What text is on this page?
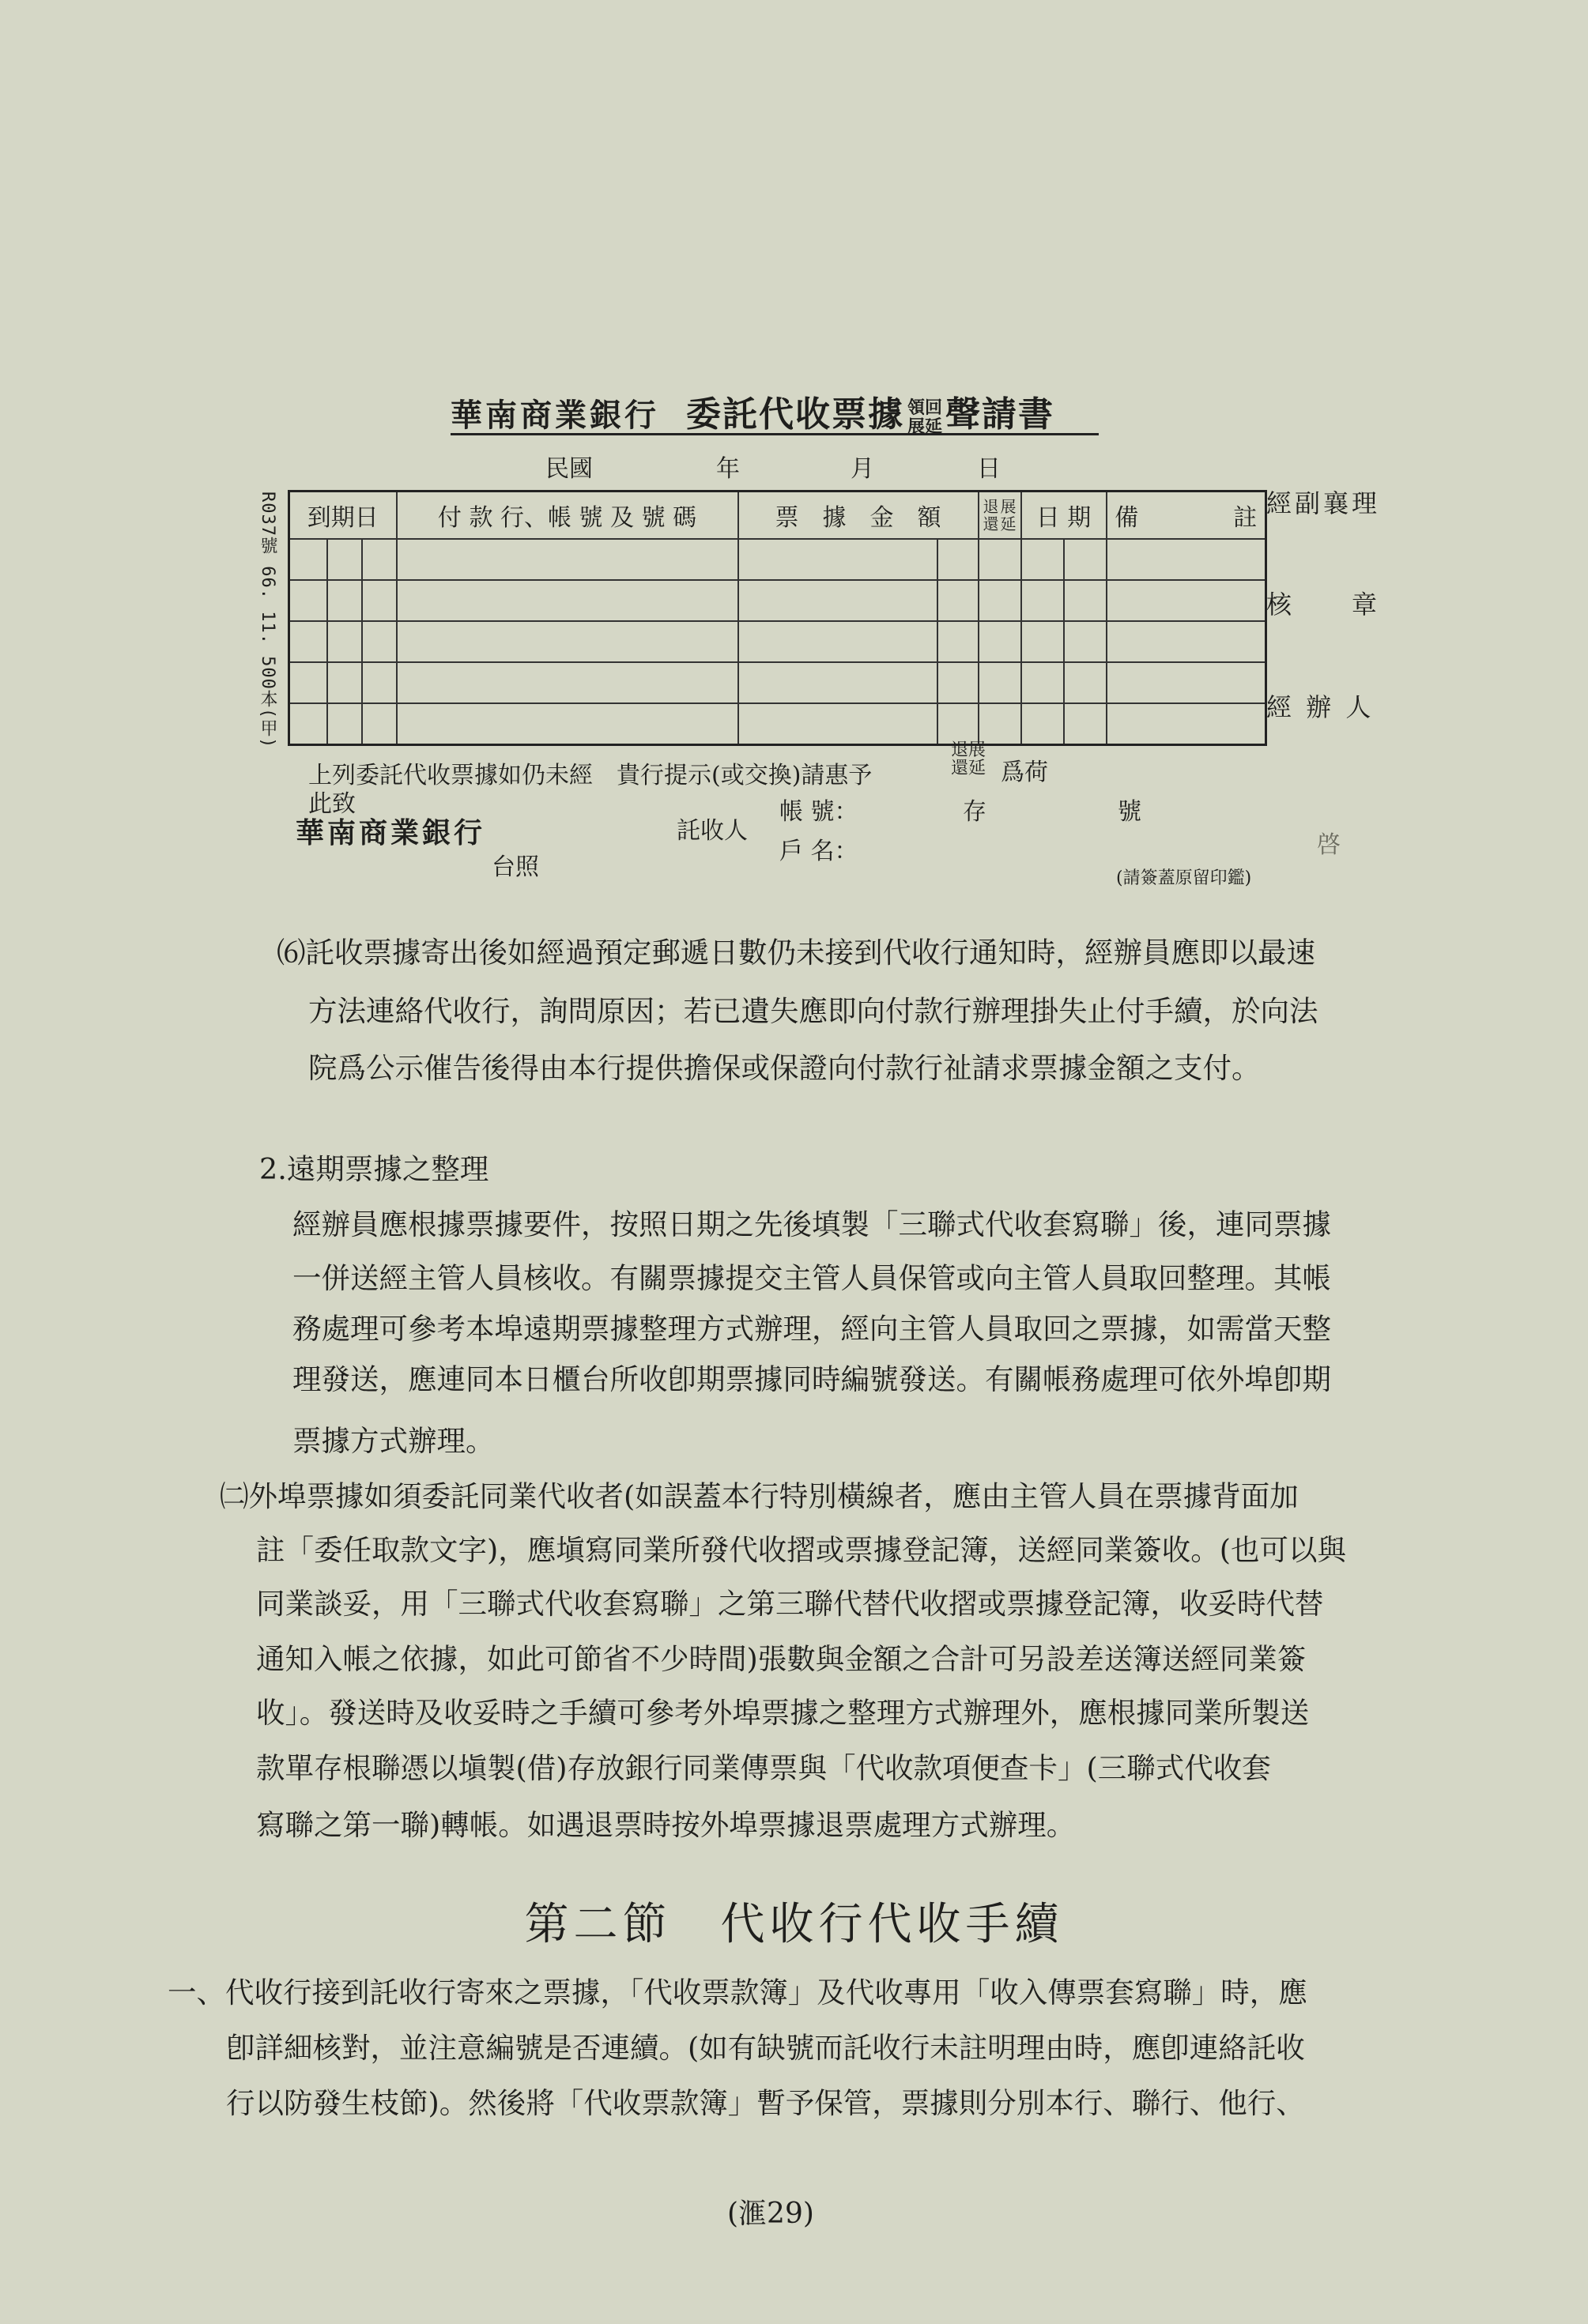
華南商業銀行 委託代收票據 領展回延聲請書
民國	年	月	日
R037號 66. 11. 500本(甲) 到期日			付 款 行、帳 號 及 號 碼	票　據　金　額		退還展延	日 期		備　　　　註

									經副襄理
核　　章
經 辦 人
上列委託代收票據如仍未經　貴行提示(或交換)請惠予
退還展延 爲荷
此致
華南商業銀行
台照
託收人
帳 號：	存	號
戶 名：	啓
(請簽蓋原留印鑑)
⑹託收票據寄出後如經過預定郵遞日數仍未接到代收行通知時，經辦員應即以最速
方法連絡代收行，詢問原因；若已遺失應即向付款行辦理掛失止付手續，於向法
院爲公示催告後得由本行提供擔保或保證向付款行祉請求票據金額之支付。
2.遠期票據之整理
經辦員應根據票據要件，按照日期之先後填製「三聯式代收套寫聯」後，連同票據
一併送經主管人員核收。有關票據提交主管人員保管或向主管人員取回整理。其帳
務處理可參考本埠遠期票據整理方式辦理，經向主管人員取回之票據，如需當天整
理發送，應連同本日櫃台所收卽期票據同時編號發送。有關帳務處理可依外埠卽期
票據方式辦理。
㈡外埠票據如須委託同業代收者(如誤蓋本行特別橫線者，應由主管人員在票據背面加
註「委任取款文字)，應塡寫同業所發代收摺或票據登記簿，送經同業簽收。(也可以與
同業談妥，用「三聯式代收套寫聯」之第三聯代替代收摺或票據登記簿，收妥時代替
通知入帳之依據，如此可節省不少時間)張數與金額之合計可另設差送簿送經同業簽
收」。發送時及收妥時之手續可參考外埠票據之整理方式辦理外，應根據同業所製送
款單存根聯憑以塡製(借)存放銀行同業傳票與「代收款項便查卡」(三聯式代收套
寫聯之第一聯)轉帳。如遇退票時按外埠票據退票處理方式辦理。
第二節　代收行代收手續
一、代收行接到託收行寄來之票據，「代收票款簿」及代收專用「收入傳票套寫聯」時，應
卽詳細核對，並注意編號是否連續。(如有缺號而託收行未註明理由時，應卽連絡託收
行以防發生枝節)。然後將「代收票款簿」暫予保管，票據則分別本行、聯行、他行、
(滙29)
